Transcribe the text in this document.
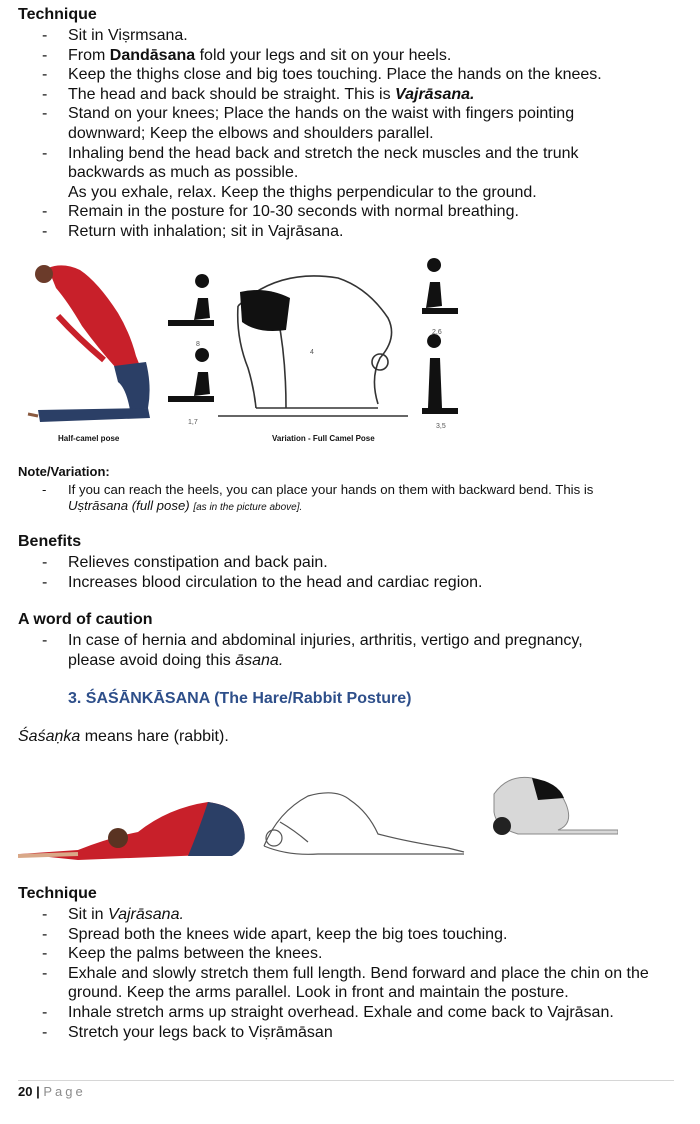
Technique
- Sit in Viṣrmsana.
- From Dandāsana fold your legs and sit on your heels.
- Keep the thighs close and big toes touching. Place the hands on the knees.
- The head and back should be straight. This is Vajrāsana.
- Stand on your knees; Place the hands on the waist with fingers pointing downward; Keep the elbows and shoulders parallel.
- Inhaling bend the head back and stretch the neck muscles and the trunk backwards as much as possible.
As you exhale, relax. Keep the thighs perpendicular to the ground.
- Remain in the posture for 10-30 seconds with normal breathing.
- Return with inhalation; sit in Vajrāsana.
8
1,7
4
2,6
3,5
Half-camel pose	Variation - Full Camel Pose
Note/Variation:
- If you can reach the heels, you can place your hands on them with backward bend. This is
Uṣtrāsana (full pose) [as in the picture above].
Benefits
- Relieves constipation and back pain.
- Increases blood circulation to the head and cardiac region.
A word of caution
- In case of hernia and abdominal injuries, arthritis, vertigo and pregnancy, please avoid doing this āsana.
3. ŚAŚĀNKĀSANA (The Hare/Rabbit Posture)
Śaśaṇka means hare (rabbit).
Technique
- Sit in Vajrāsana.
- Spread both the knees wide apart, keep the big toes touching.
- Keep the palms between the knees.
- Exhale and slowly stretch them full length. Bend forward and place the chin on the ground. Keep the arms parallel. Look in front and maintain the posture.
- Inhale stretch arms up straight overhead. Exhale and come back to Vajrāsan.
- Stretch your legs back to Viṣrāmāsan
20 | Page
